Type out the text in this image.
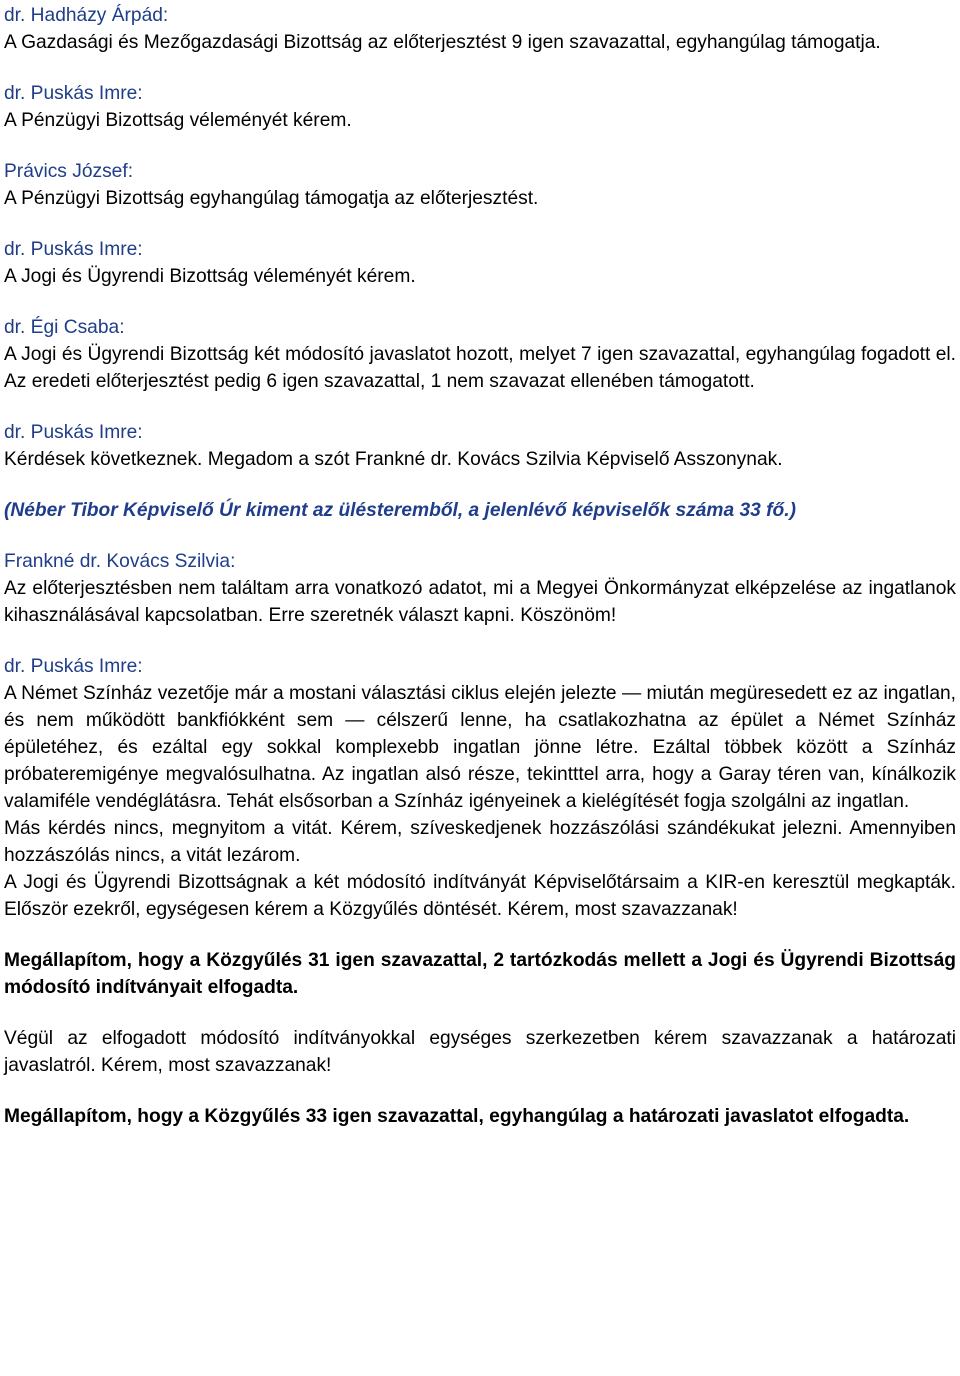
dr. Hadházy Árpád:

A Gazdasági és Mezőgazdasági Bizottság az előterjesztést 9 igen szavazattal, egyhangúlag támogatja.

dr. Puskás Imre:

A Pénzügyi Bizottság véleményét kérem.

Právics József:

A Pénzügyi Bizottság egyhangúlag támogatja az előterjesztést.

dr. Puskás Imre:

A Jogi és Ügyrendi Bizottság véleményét kérem.

dr. Égi Csaba:

A Jogi és Ügyrendi Bizottság két módosító javaslatot hozott, melyet 7 igen szavazattal, egyhangúlag fogadott el. Az eredeti előterjesztést pedig 6 igen szavazattal, 1 nem szavazat ellenében támogatott.

dr. Puskás Imre:

Kérdések következnek. Megadom a szót Frankné dr. Kovács Szilvia Képviselő Asszonynak.

(Néber Tibor Képviselő Úr kiment az ülésteremből, a jelenlévő képviselők száma 33 fő.)

Frankné dr. Kovács Szilvia:

Az előterjesztésben nem találtam arra vonatkozó adatot, mi a Megyei Önkormányzat elképzelése az ingatlanok kihasználásával kapcsolatban. Erre szeretnék választ kapni. Köszönöm!

dr. Puskás Imre:

A Német Színház vezetője már a mostani választási ciklus elején jelezte ― miután megüresedett ez az ingatlan, és nem működött bankfiókként sem ― célszerű lenne, ha csatlakozhatna az épület a Német Színház épületéhez, és ezáltal egy sokkal komplexebb ingatlan jönne létre. Ezáltal többek között a Színház próbateremigénye megvalósulhatna. Az ingatlan alsó része, tekintttel arra, hogy a Garay téren van, kínálkozik valamiféle vendéglátásra. Tehát elsősorban a Színház igényeinek a kielégítését fogja szolgálni az ingatlan.

Más kérdés nincs, megnyitom a vitát. Kérem, szíveskedjenek hozzászólási szándékukat jelezni. Amennyiben hozzászólás nincs, a vitát lezárom.

A Jogi és Ügyrendi Bizottságnak a két módosító indítványát Képviselőtársaim a KIR-en keresztül megkapták. Először ezekről, egységesen kérem a Közgyűlés döntését. Kérem, most szavazzanak!

Megállapítom, hogy a Közgyűlés 31 igen szavazattal, 2 tartózkodás mellett a Jogi és Ügyrendi Bizottság módosító indítványait elfogadta.

Végül az elfogadott módosító indítványokkal egységes szerkezetben kérem szavazzanak a határozati javaslatról. Kérem, most szavazzanak!

Megállapítom, hogy a Közgyűlés 33 igen szavazattal, egyhangúlag a határozati javaslatot elfogadta.
